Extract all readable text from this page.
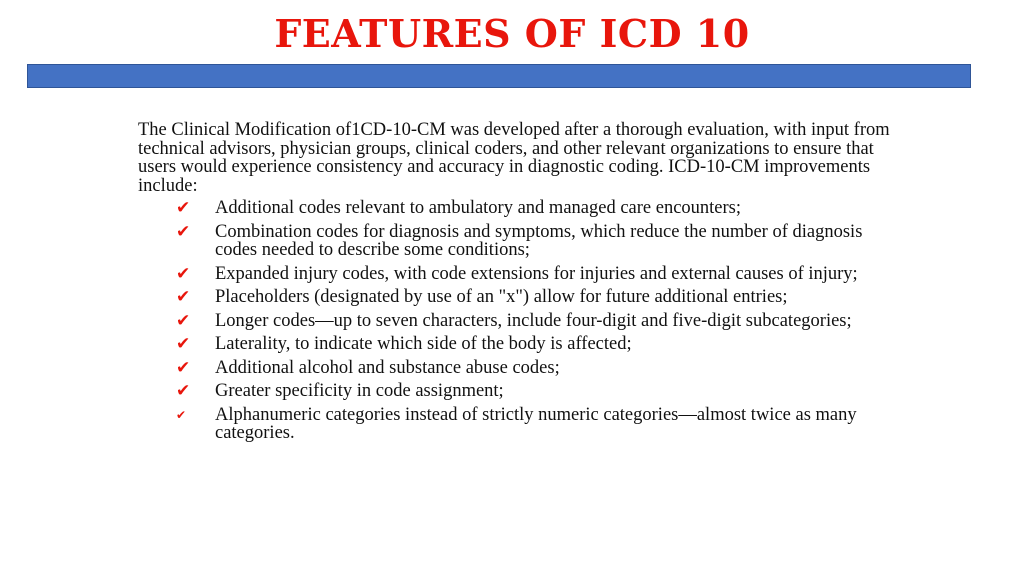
FEATURES OF ICD 10

The Clinical Modification of1CD-10-CM was developed after a thorough evaluation, with input from technical advisors, physician groups, clinical coders, and other relevant organizations to ensure that users would experience consistency and accuracy in diagnostic coding. ICD-10-CM improvements include:

✔	Additional codes relevant to ambulatory and managed care encounters;
✔	Combination codes for diagnosis and symptoms, which reduce the number of diagnosis codes needed to describe some conditions;
✔	Expanded injury codes, with code extensions for injuries and external causes of injury;
✔	Placeholders (designated by use of an "x") allow for future additional entries;
✔	Longer codes—up to seven characters, include four-digit and five-digit subcategories;
✔	Laterality, to indicate which side of the body is affected;
✔	Additional alcohol and substance abuse codes;
✔	Greater specificity in code assignment;
✔	Alphanumeric categories instead of strictly numeric categories—almost twice as many categories.
